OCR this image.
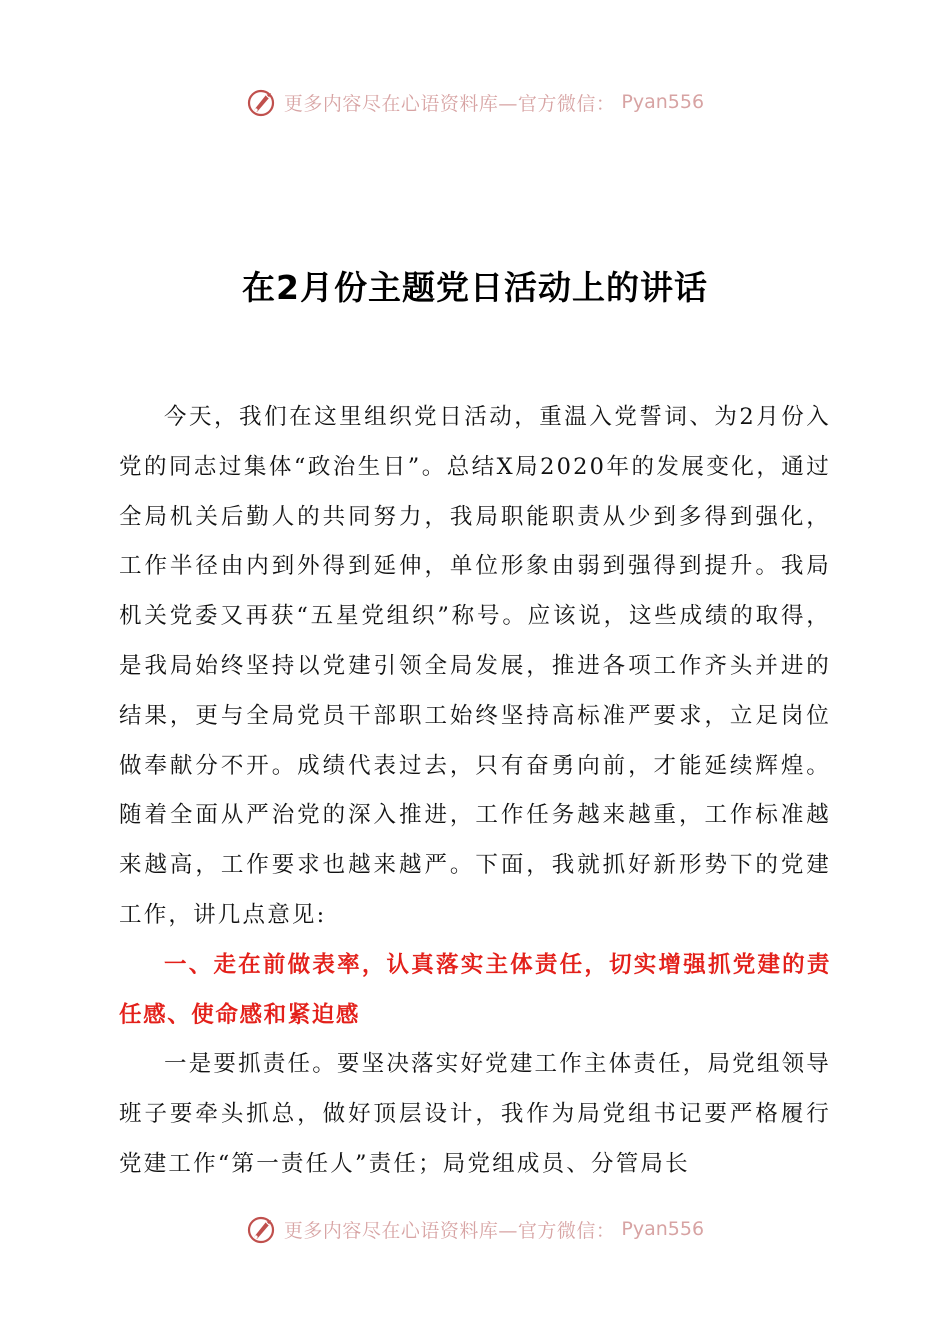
更多内容尽在心语资料库—官方微信： Pyan556
在2月份主题党日活动上的讲话

今天，我们在这里组织党日活动，重温入党誓词、为2月份入党的同志过集体“政治生日”。总结X局2020年的发展变化，通过全局机关后勤人的共同努力，我局职能职责从少到多得到强化，工作半径由内到外得到延伸，单位形象由弱到强得到提升。我局机关党委又再获“五星党组织”称号。应该说，这些成绩的取得，是我局始终坚持以党建引领全局发展，推进各项工作齐头并进的结果，更与全局党员干部职工始终坚持高标准严要求，立足岗位做奉献分不开。成绩代表过去，只有奋勇向前，才能延续辉煌。随着全面从严治党的深入推进，工作任务越来越重，工作标准越来越高，工作要求也越来越严。下面，我就抓好新形势下的党建工作，讲几点意见:

一、走在前做表率，认真落实主体责任，切实增强抓党建的责任感、使命感和紧迫感

一是要抓责任。要坚决落实好党建工作主体责任，局党组领导班子要牵头抓总，做好顶层设计，我作为局党组书记要严格履行党建工作“第一责任人”责任；局党组成员、分管局长

更多内容尽在心语资料库—官方微信： Pyan556
